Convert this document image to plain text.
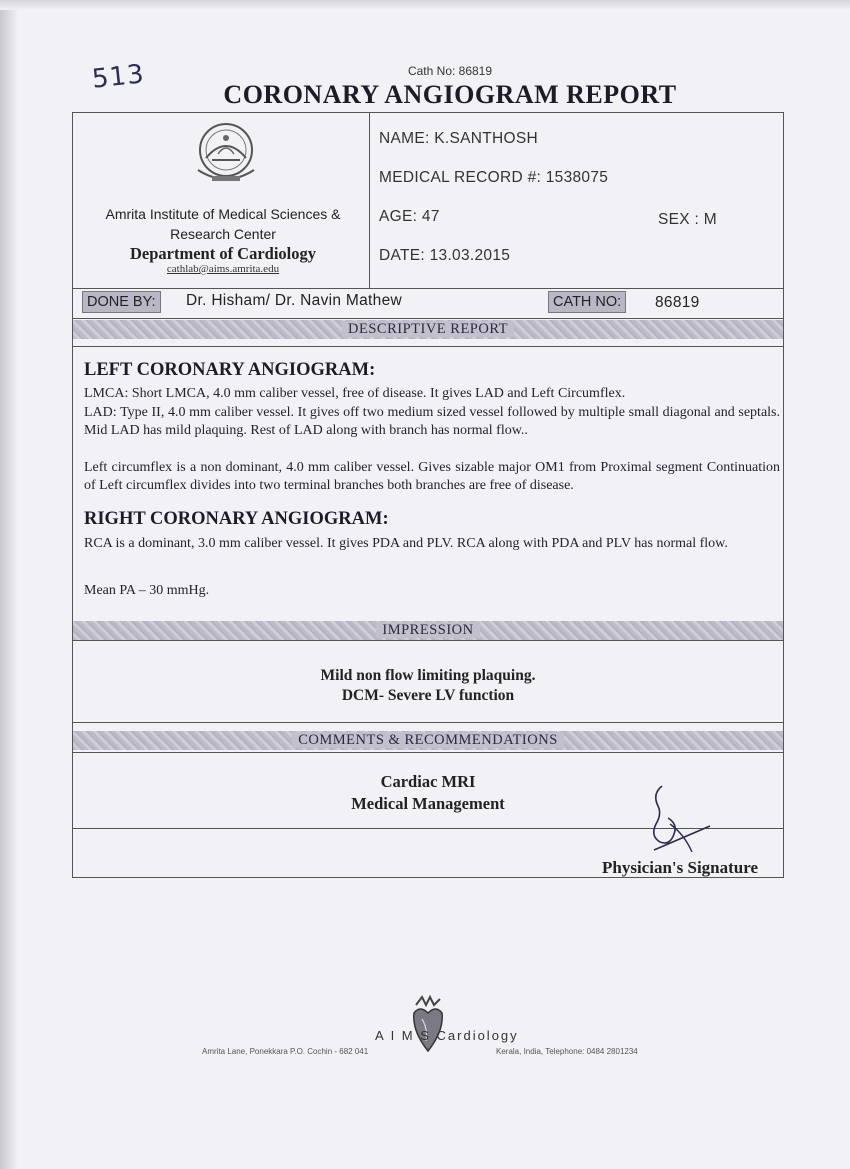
513	Cath No: 86819
CORONARY ANGIOGRAM REPORT
Amrita Institute of Medical Sciences &
Research Center
Department of Cardiology
cathlab@aims.amrita.edu
NAME: K.SANTHOSH
MEDICAL RECORD #: 1538075
AGE: 47	SEX : M
DATE: 13.03.2015
DONE BY:	Dr. Hisham/ Dr. Navin Mathew	CATH NO:	86819
DESCRIPTIVE REPORT
LEFT CORONARY ANGIOGRAM:
LMCA: Short LMCA, 4.0 mm caliber vessel, free of disease. It gives LAD and Left Circumflex.
LAD: Type II, 4.0 mm caliber vessel. It gives off two medium sized vessel followed by multiple small diagonal and septals. Mid LAD has mild plaquing. Rest of LAD along with branch has normal flow..
Left circumflex is a non dominant, 4.0 mm caliber vessel. Gives sizable major OM1 from Proximal segment Continuation of Left circumflex divides into two terminal branches both branches are free of disease.
RIGHT CORONARY ANGIOGRAM:
RCA is a dominant, 3.0 mm caliber vessel. It gives PDA and PLV. RCA along with PDA and PLV has normal flow.
Mean PA – 30 mmHg.
IMPRESSION
Mild non flow limiting plaquing.
DCM- Severe LV function
COMMENTS & RECOMMENDATIONS
Cardiac MRI
Medical Management
Physician's Signature
A I M S Cardiology
Amrita Lane, Ponekkara P.O. Cochin - 682 041	Kerala, India, Telephone: 0484 2801234
